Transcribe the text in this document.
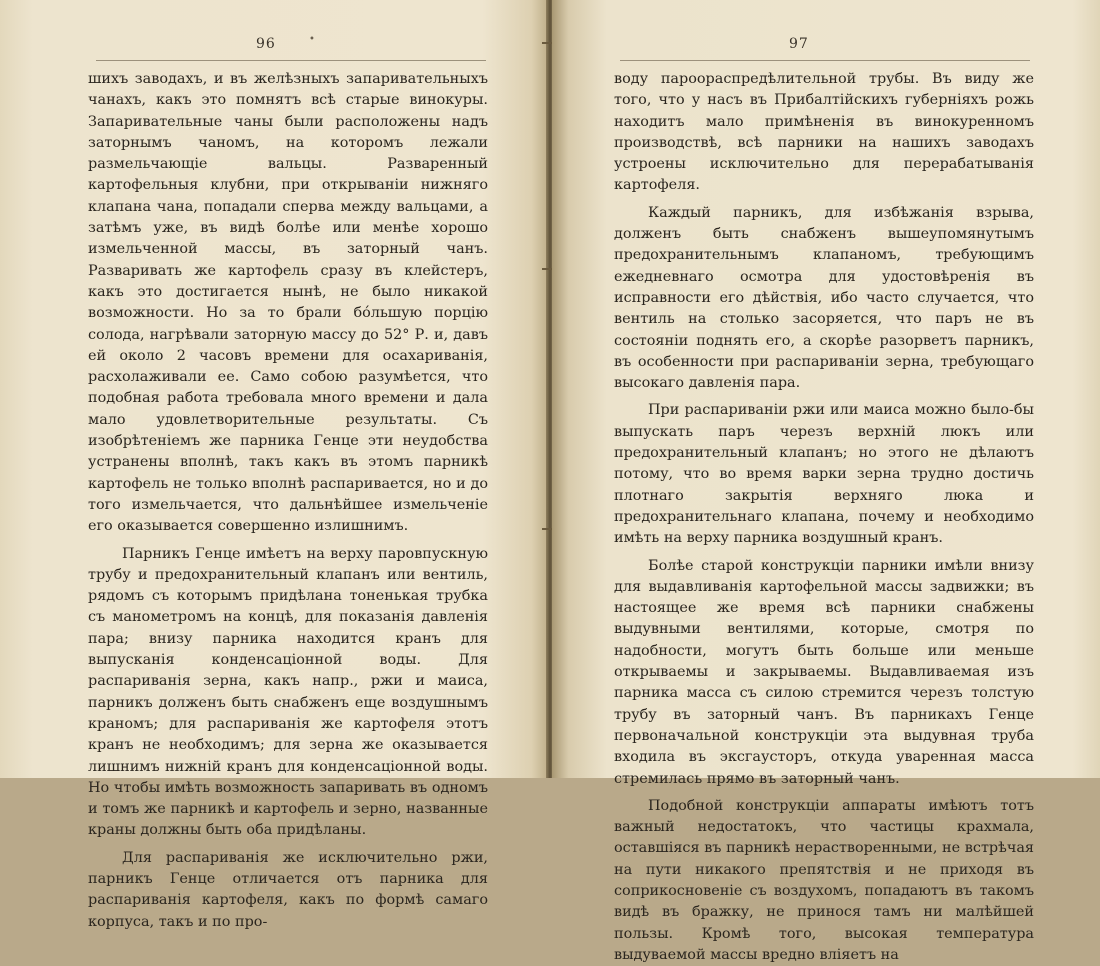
96	•

шихъ заводахъ, и въ желѣзныхъ запаривательныхъ чанахъ, какъ это помнятъ всѣ старые винокуры. Запаривательные чаны были расположены надъ заторнымъ чаномъ, на которомъ лежали размельчающіе вальцы. Разваренный картофельныя клубни, при открываніи нижняго клапана чана, попадали сперва между вальцами, а затѣмъ уже, въ видѣ болѣе или менѣе хорошо измельченной массы, въ заторный чанъ. Разваривать же картофель сразу въ клейстеръ, какъ это достигается нынѣ, не было никакой возможности. Но за то брали бóльшую порцію солода, нагрѣвали заторную массу до 52° Р. и, давъ ей около 2 часовъ времени для осахариванія, расхолаживали ее. Само собою разумѣется, что подобная работа требовала много времени и дала мало удовлетворительные результаты. Съ изобрѣтеніемъ же парника Генце эти неудобства устранены вполнѣ, такъ какъ въ этомъ парникѣ картофель не только вполнѣ распаривается, но и до того измельчается, что дальнѣйшее измельченіе его оказывается совершенно излишнимъ.

Парникъ Генце имѣетъ на верху паровпускную трубу и предохранительный клапанъ или вентиль, рядомъ съ которымъ придѣлана тоненькая трубка съ манометромъ на концѣ, для показанія давленія пара; внизу парника находится кранъ для выпусканія конденсаціонной воды. Для распариванія зерна, какъ напр., ржи и маиса, парникъ долженъ быть снабженъ еще воздушнымъ краномъ; для распариванія же картофеля этотъ кранъ не необходимъ; для зерна же оказывается лишнимъ нижній кранъ для конденсаціонной воды. Но чтобы имѣть возможность запаривать въ одномъ и томъ же парникѣ и картофель и зерно, названные краны должны быть оба придѣланы.

Для распариванія же исключительно ржи, парникъ Генце отличается отъ парника для распариванія картофеля, какъ по формѣ самаго корпуса, такъ и по про-

97

воду пароораспредѣлительной трубы. Въ виду же того, что у насъ въ Прибалтійскихъ губерніяхъ рожь находитъ мало примѣненія въ винокуренномъ производствѣ, всѣ парники на нашихъ заводахъ устроены исключительно для перерабатыванія картофеля.

Каждый парникъ, для избѣжанія взрыва, долженъ быть снабженъ вышеупомянутымъ предохранительнымъ клапаномъ, требующимъ ежедневнаго осмотра для удостовѣренія въ исправности его дѣйствія, ибо часто случается, что вентиль на столько засоряется, что паръ не въ состояніи поднять его, а скорѣе разорветъ парникъ, въ особенности при распариваніи зерна, требующаго высокаго давленія пара.

При распариваніи ржи или маиса можно было-бы выпускать паръ черезъ верхній люкъ или предохранительный клапанъ; но этого не дѣлаютъ потому, что во время варки зерна трудно достичь плотнаго закрытія верхняго люка и предохранительнаго клапана, почему и необходимо имѣть на верху парника воздушный кранъ.

Болѣе старой конструкціи парники имѣли внизу для выдавливанія картофельной массы задвижки; въ настоящее же время всѣ парники снабжены выдувными вентилями, которые, смотря по надобности, могутъ быть больше или меньше открываемы и закрываемы. Выдавливаемая изъ парника масса съ силою стремится черезъ толстую трубу въ заторный чанъ. Въ парникахъ Генце первоначальной конструкціи эта выдувная труба входила въ эксгаусторъ, откуда уваренная масса стремилась прямо въ заторный чанъ.

Подобной конструкціи аппараты имѣютъ тотъ важный недостатокъ, что частицы крахмала, оставшіяся въ парникѣ нерастворенными, не встрѣчая на пути никакого препятствія и не приходя въ соприкосновеніе съ воздухомъ, попадаютъ въ такомъ видѣ въ бражку, не принося тамъ ни малѣйшей пользы. Кромѣ того, высокая температура выдуваемой массы вредно вліяетъ на
